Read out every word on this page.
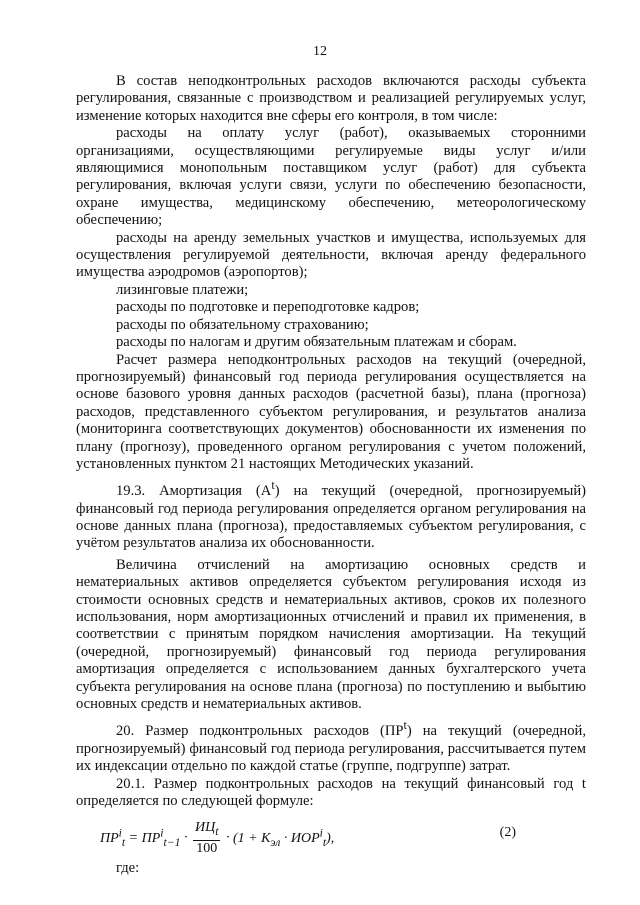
12

В состав неподконтрольных расходов включаются расходы субъекта регулирования, связанные с производством и реализацией регулируемых услуг, изменение которых находится вне сферы его контроля, в том числе:

расходы на оплату услуг (работ), оказываемых сторонними организациями, осуществляющими регулируемые виды услуг и/или являющимися монопольным поставщиком услуг (работ) для субъекта регулирования, включая услуги связи, услуги по обеспечению безопасности, охране имущества, медицинскому обеспечению, метеорологическому обеспечению;

расходы на аренду земельных участков и имущества, используемых для осуществления регулируемой деятельности, включая аренду федерального имущества аэродромов (аэропортов);

лизинговые платежи;

расходы по подготовке и переподготовке кадров;

расходы по обязательному страхованию;

расходы по налогам и другим обязательным платежам и сборам.

Расчет размера неподконтрольных расходов на текущий (очередной, прогнозируемый) финансовый год периода регулирования осуществляется на основе базового уровня данных расходов (расчетной базы), плана (прогноза) расходов, представленного субъектом регулирования, и результатов анализа (мониторинга соответствующих документов) обоснованности их изменения по плану (прогнозу), проведенного органом регулирования с учетом положений, установленных пунктом 21 настоящих Методических указаний.

19.3. Амортизация $(A^t)$ на текущий (очередной, прогнозируемый) финансовый год периода регулирования определяется органом регулирования на основе данных плана (прогноза), предоставляемых субъектом регулирования, с учётом результатов анализа их обоснованности.

Величина отчислений на амортизацию основных средств и нематериальных активов определяется субъектом регулирования исходя из стоимости основных средств и нематериальных активов, сроков их полезного использования, норм амортизационных отчислений и правил их применения, в соответствии с принятым порядком начисления амортизации. На текущий (очередной, прогнозируемый) финансовый год периода регулирования амортизация определяется с использованием данных бухгалтерского учета субъекта регулирования на основе плана (прогноза) по поступлению и выбытию основных средств и нематериальных активов.

20. Размер подконтрольных расходов $(ПР^t)$ на текущий (очередной, прогнозируемый) финансовый год периода регулирования, рассчитывается путем их индексации отдельно по каждой статье (группе, подгруппе) затрат.

20.1. Размер подконтрольных расходов на текущий финансовый год t определяется по следующей формуле:

$ПР^i_t = ПР^i_{t-1} \cdot \frac{ИЦ_t}{100} \cdot (1 + K_{эл} \cdot ИОР^i_t)$,	(2)

где:
